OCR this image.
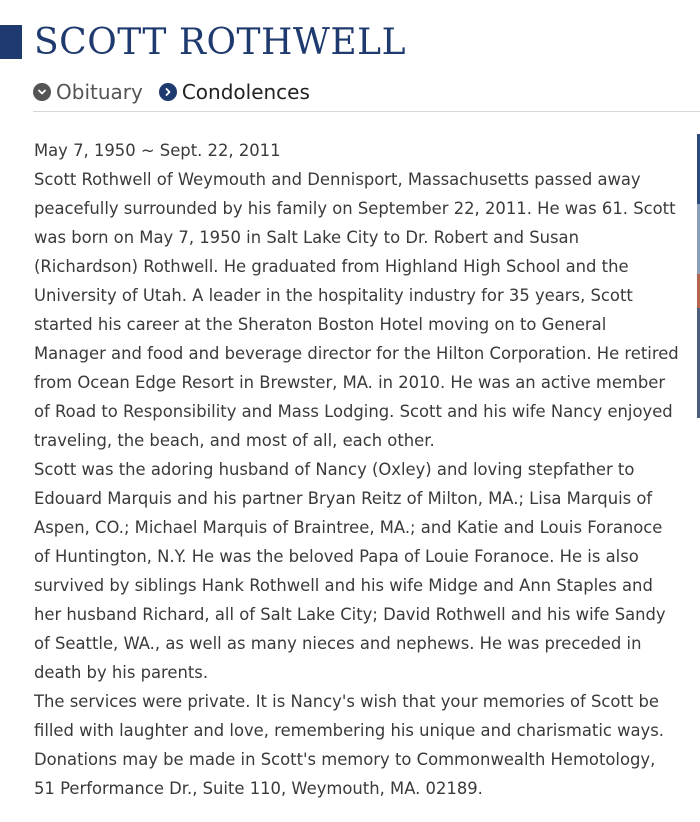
SCOTT ROTHWELL
Obituary Condolences

May 7, 1950 ~ Sept. 22, 2011

Scott Rothwell of Weymouth and Dennisport, Massachusetts passed away peacefully surrounded by his family on September 22, 2011. He was 61. Scott was born on May 7, 1950 in Salt Lake City to Dr. Robert and Susan (Richardson) Rothwell. He graduated from Highland High School and the University of Utah. A leader in the hospitality industry for 35 years, Scott started his career at the Sheraton Boston Hotel moving on to General Manager and food and beverage director for the Hilton Corporation. He retired from Ocean Edge Resort in Brewster, MA. in 2010. He was an active member of Road to Responsibility and Mass Lodging. Scott and his wife Nancy enjoyed traveling, the beach, and most of all, each other.

Scott was the adoring husband of Nancy (Oxley) and loving stepfather to Edouard Marquis and his partner Bryan Reitz of Milton, MA.; Lisa Marquis of Aspen, CO.; Michael Marquis of Braintree, MA.; and Katie and Louis Foranoce of Huntington, N.Y. He was the beloved Papa of Louie Foranoce. He is also survived by siblings Hank Rothwell and his wife Midge and Ann Staples and her husband Richard, all of Salt Lake City; David Rothwell and his wife Sandy of Seattle, WA., as well as many nieces and nephews. He was preceded in death by his parents.

The services were private. It is Nancy's wish that your memories of Scott be filled with laughter and love, remembering his unique and charismatic ways. Donations may be made in Scott's memory to Commonwealth Hemotology, 51 Performance Dr., Suite 110, Weymouth, MA. 02189.
